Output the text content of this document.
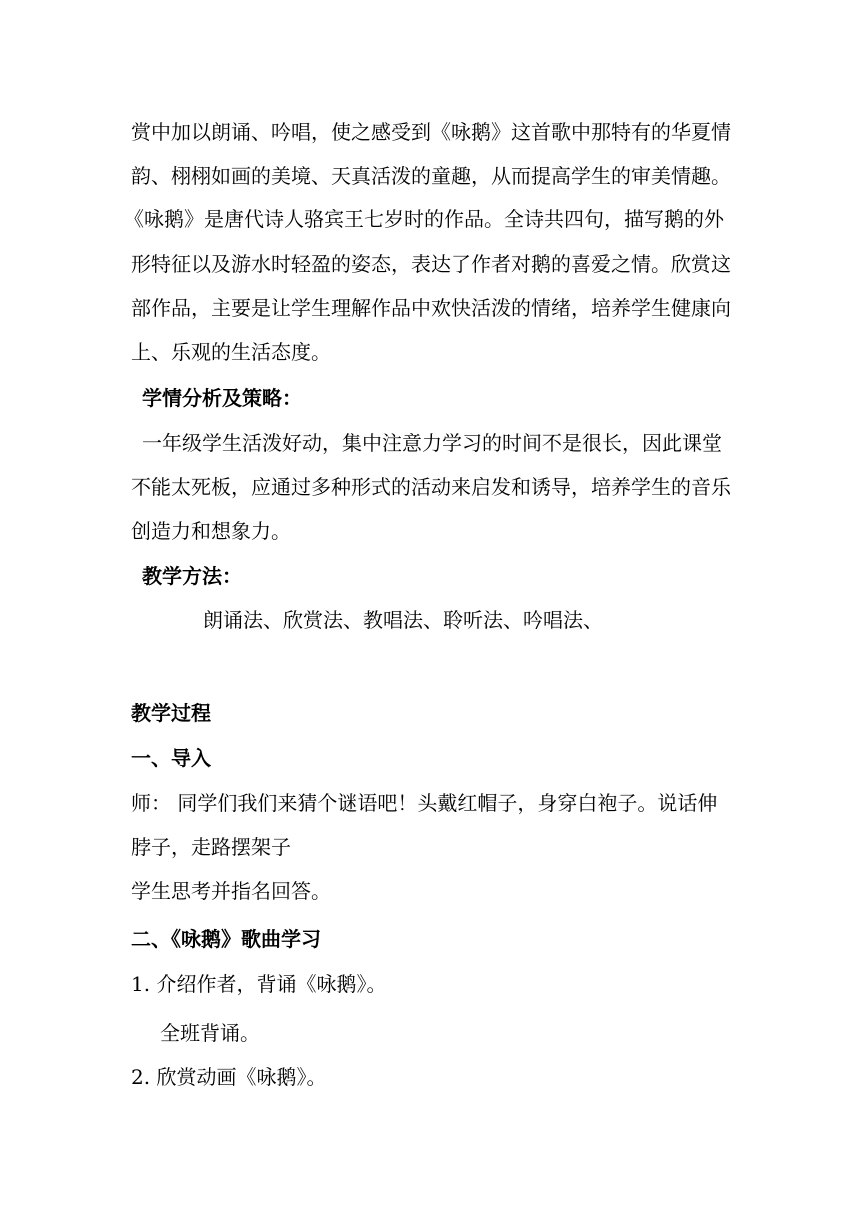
赏中加以朗诵、吟唱，使之感受到《咏鹅》这首歌中那特有的华夏情
韵、栩栩如画的美境、天真活泼的童趣，从而提高学生的审美情趣。
《咏鹅》是唐代诗人骆宾王七岁时的作品。全诗共四句，描写鹅的外
形特征以及游水时轻盈的姿态，表达了作者对鹅的喜爱之情。欣赏这
部作品，主要是让学生理解作品中欢快活泼的情绪，培养学生健康向
上、乐观的生活态度。
学情分析及策略：
一年级学生活泼好动，集中注意力学习的时间不是很长，因此课堂
不能太死板，应通过多种形式的活动来启发和诱导，培养学生的音乐
创造力和想象力。
教学方法：
朗诵法、欣赏法、教唱法、聆听法、吟唱法、
教学过程
一、导入
师： 同学们我们来猜个谜语吧！头戴红帽子，身穿白袍子。说话伸
脖子，走路摆架子
学生思考并指名回答。
二、《咏鹅》歌曲学习
1. 介绍作者，背诵《咏鹅》。
全班背诵。
2. 欣赏动画《咏鹅》。
